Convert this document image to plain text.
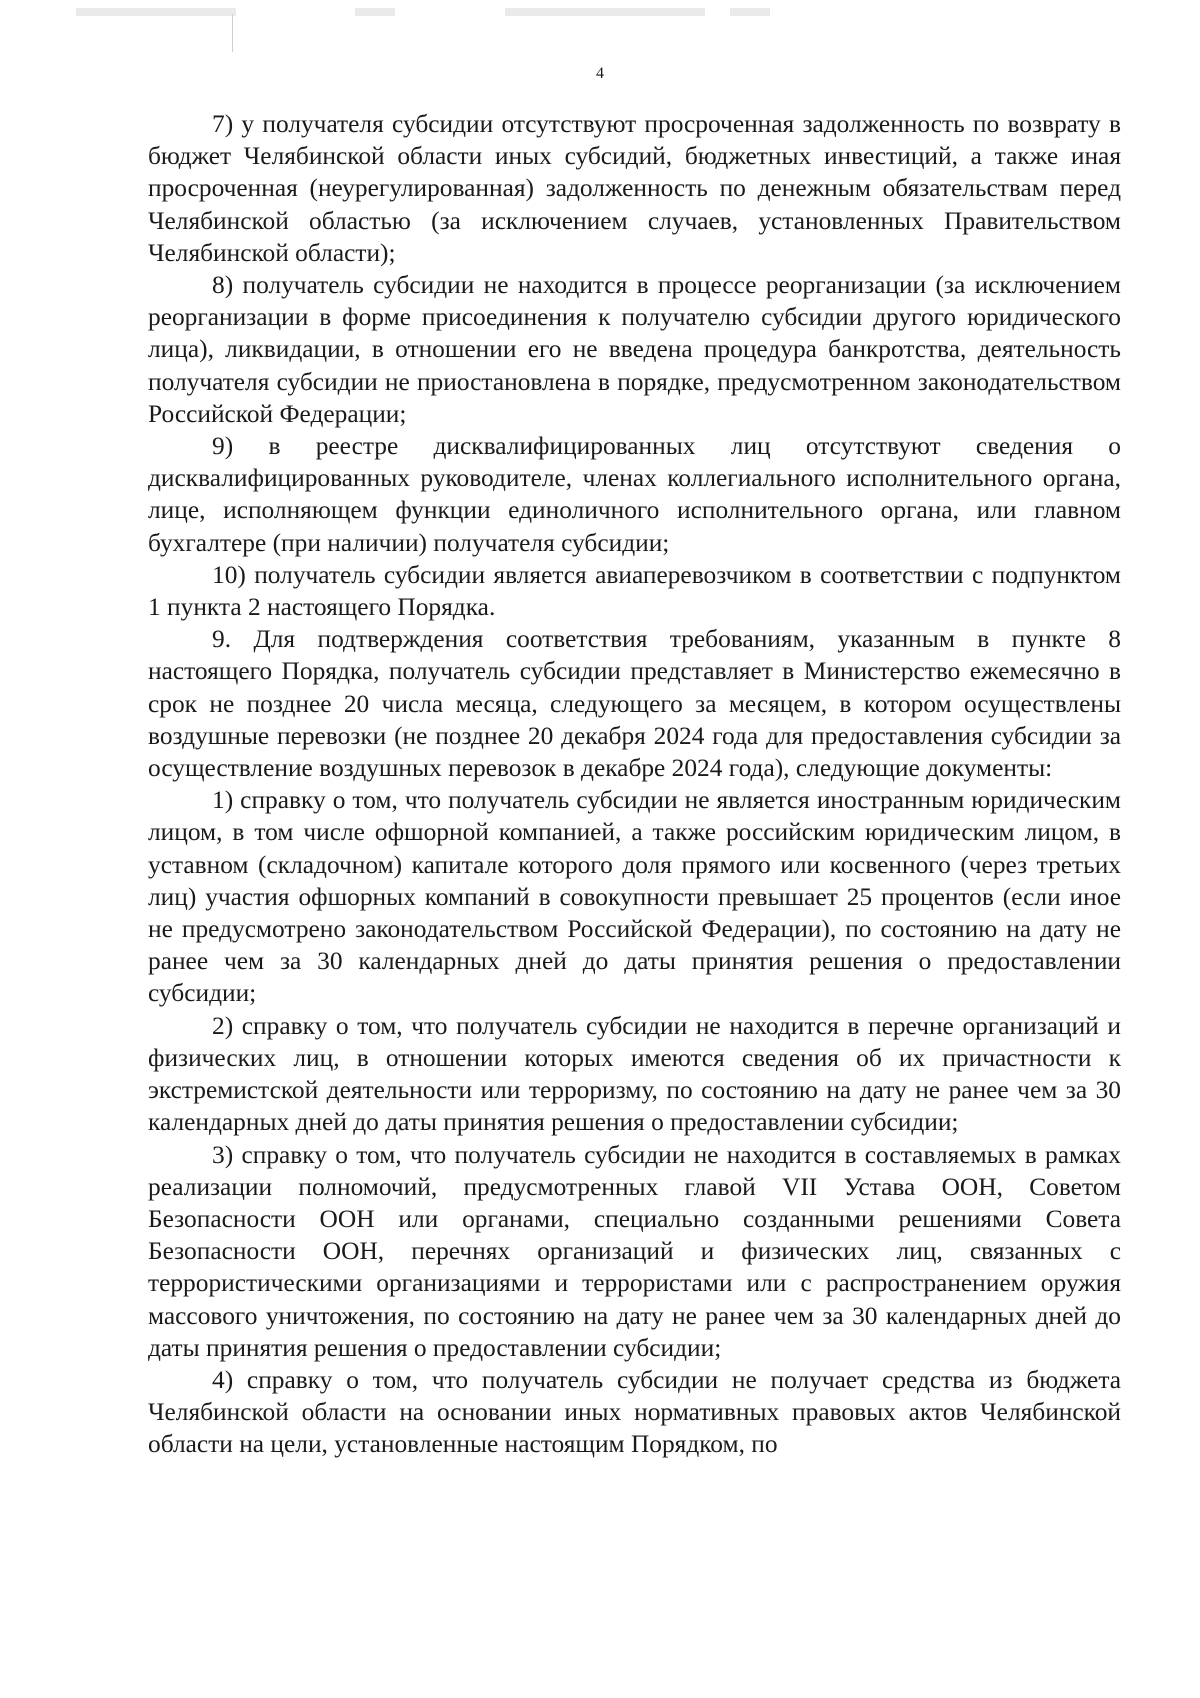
4

7) у получателя субсидии отсутствуют просроченная задолженность по возврату в бюджет Челябинской области иных субсидий, бюджетных инвестиций, а также иная просроченная (неурегулированная) задолженность по денежным обязательствам перед Челябинской областью (за исключением случаев, установленных Правительством Челябинской области);

8) получатель субсидии не находится в процессе реорганизации (за исключением реорганизации в форме присоединения к получателю субсидии другого юридического лица), ликвидации, в отношении его не введена процедура банкротства, деятельность получателя субсидии не приостановлена в порядке, предусмотренном законодательством Российской Федерации;

9) в реестре дисквалифицированных лиц отсутствуют сведения о дисквалифицированных руководителе, членах коллегиального исполнительного органа, лице, исполняющем функции единоличного исполнительного органа, или главном бухгалтере (при наличии) получателя субсидии;

10) получатель субсидии является авиаперевозчиком в соответствии с подпунктом 1 пункта 2 настоящего Порядка.

9. Для подтверждения соответствия требованиям, указанным в пункте 8 настоящего Порядка, получатель субсидии представляет в Министерство ежемесячно в срок не позднее 20 числа месяца, следующего за месяцем, в котором осуществлены воздушные перевозки (не позднее 20 декабря 2024 года для предоставления субсидии за осуществление воздушных перевозок в декабре 2024 года), следующие документы:

1) справку о том, что получатель субсидии не является иностранным юридическим лицом, в том числе офшорной компанией, а также российским юридическим лицом, в уставном (складочном) капитале которого доля прямого или косвенного (через третьих лиц) участия офшорных компаний в совокупности превышает 25 процентов (если иное не предусмотрено законодательством Российской Федерации), по состоянию на дату не ранее чем за 30 календарных дней до даты принятия решения о предоставлении субсидии;

2) справку о том, что получатель субсидии не находится в перечне организаций и физических лиц, в отношении которых имеются сведения об их причастности к экстремистской деятельности или терроризму, по состоянию на дату не ранее чем за 30 календарных дней до даты принятия решения о предоставлении субсидии;

3) справку о том, что получатель субсидии не находится в составляемых в рамках реализации полномочий, предусмотренных главой VII Устава ООН, Советом Безопасности ООН или органами, специально созданными решениями Совета Безопасности ООН, перечнях организаций и физических лиц, связанных с террористическими организациями и террористами или с распространением оружия массового уничтожения, по состоянию на дату не ранее чем за 30 календарных дней до даты принятия решения о предоставлении субсидии;

4) справку о том, что получатель субсидии не получает средства из бюджета Челябинской области на основании иных нормативных правовых актов Челябинской области на цели, установленные настоящим Порядком, по
